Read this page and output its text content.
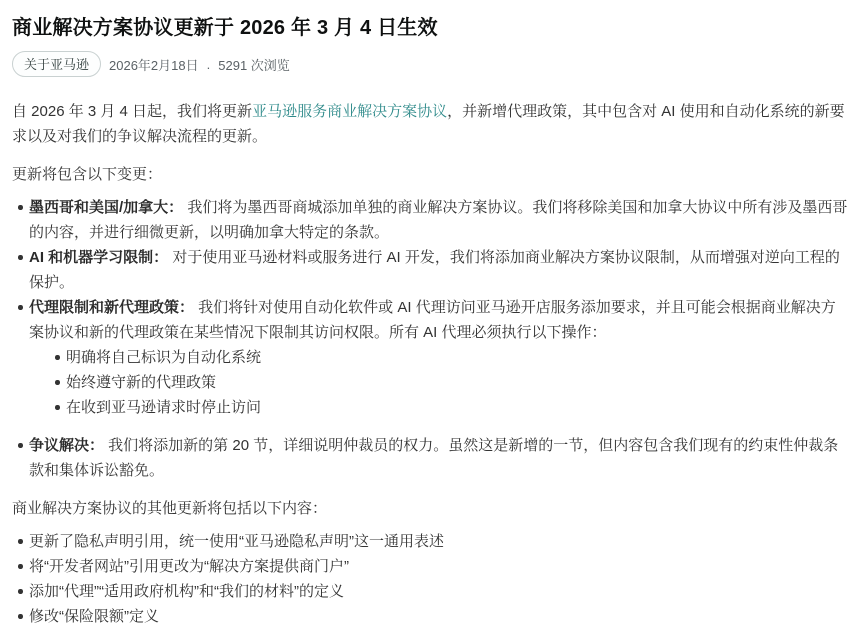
商业解决方案协议更新于 2026 年 3 月 4 日生效
关于亚马逊	2026年2月18日 . 5291 次浏览

自 2026 年 3 月 4 日起，我们将更新亚马逊服务商业解决方案协议，并新增代理政策，其中包含对 AI 使用和自动化系统的新要求以及对我们的争议解决流程的更新。

更新将包含以下变更：

墨西哥和美国/加拿大： 我们将为墨西哥商城添加单独的商业解决方案协议。我们将移除美国和加拿大协议中所有涉及墨西哥的内容，并进行细微更新，以明确加拿大特定的条款。
AI 和机器学习限制： 对于使用亚马逊材料或服务进行 AI 开发，我们将添加商业解决方案协议限制，从而增强对逆向工程的保护。
代理限制和新代理政策： 我们将针对使用自动化软件或 AI 代理访问亚马逊开店服务添加要求，并且可能会根据商业解决方案协议和新的代理政策在某些情况下限制其访问权限。所有 AI 代理必须执行以下操作：
明确将自己标识为自动化系统
始终遵守新的代理政策
在收到亚马逊请求时停止访问
争议解决： 我们将添加新的第 20 节，详细说明仲裁员的权力。虽然这是新增的一节，但内容包含我们现有的约束性仲裁条款和集体诉讼豁免。

商业解决方案协议的其他更新将包括以下内容：

更新了隐私声明引用，统一使用“亚马逊隐私声明”这一通用表述
将“开发者网站”引用更改为“解决方案提供商门户”
添加“代理”“适用政府机构”和“我们的材料”的定义
修改“保险限额”定义
